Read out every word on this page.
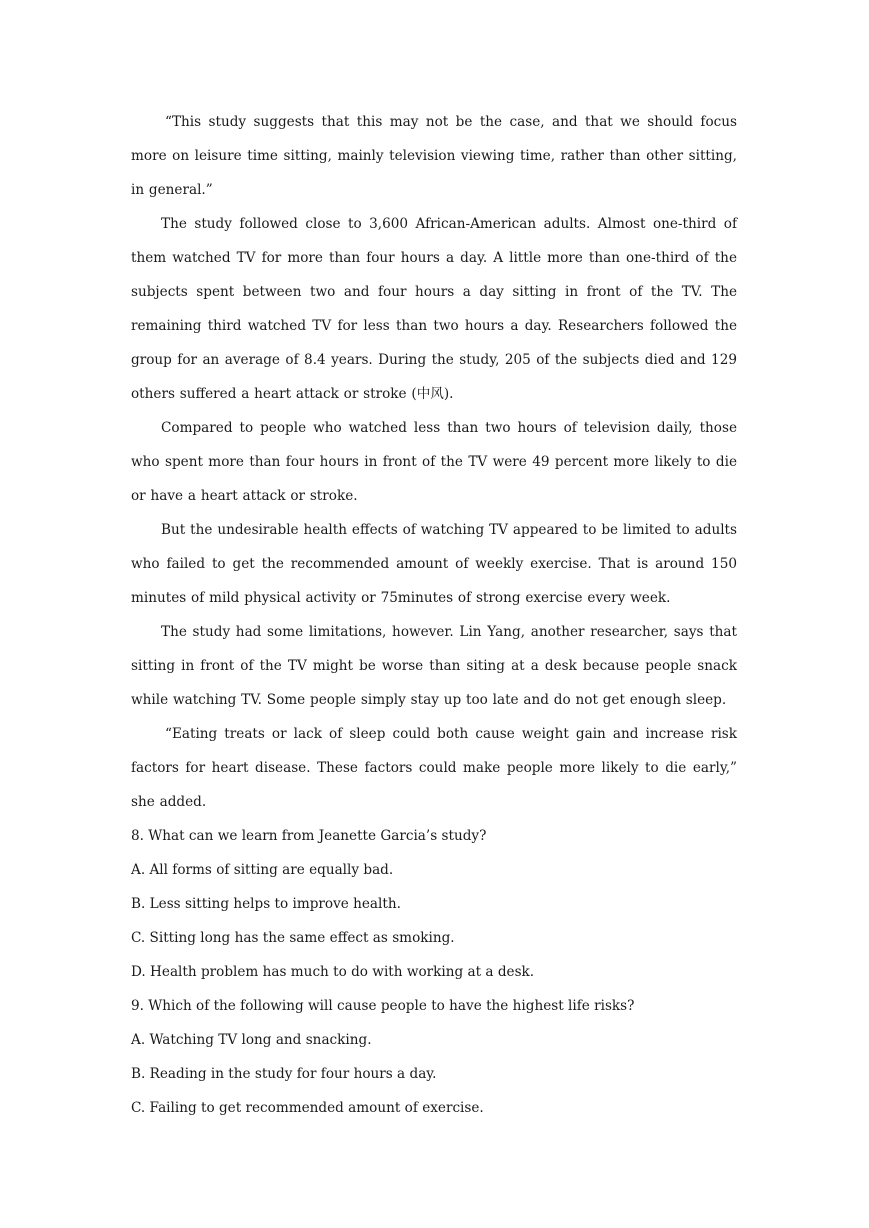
“This study suggests that this may not be the case, and that we should focus more on leisure time sitting, mainly television viewing time, rather than other sitting, in general.”

The study followed close to 3,600 African-American adults. Almost one-third of them watched TV for more than four hours a day. A little more than one-third of the subjects spent between two and four hours a day sitting in front of the TV. The remaining third watched TV for less than two hours a day. Researchers followed the group for an average of 8.4 years. During the study, 205 of the subjects died and 129 others suffered a heart attack or stroke (中风).

Compared to people who watched less than two hours of television daily, those who spent more than four hours in front of the TV were 49 percent more likely to die or have a heart attack or stroke.

But the undesirable health effects of watching TV appeared to be limited to adults who failed to get the recommended amount of weekly exercise. That is around 150 minutes of mild physical activity or 75minutes of strong exercise every week.

The study had some limitations, however. Lin Yang, another researcher, says that sitting in front of the TV might be worse than siting at a desk because people snack while watching TV. Some people simply stay up too late and do not get enough sleep.

“Eating treats or lack of sleep could both cause weight gain and increase risk factors for heart disease. These factors could make people more likely to die early,” she added.

8. What can we learn from Jeanette Garcia’s study?

A. All forms of sitting are equally bad.

B. Less sitting helps to improve health.

C. Sitting long has the same effect as smoking.

D. Health problem has much to do with working at a desk.

9. Which of the following will cause people to have the highest life risks?

A. Watching TV long and snacking.

B. Reading in the study for four hours a day.

C. Failing to get recommended amount of exercise.
